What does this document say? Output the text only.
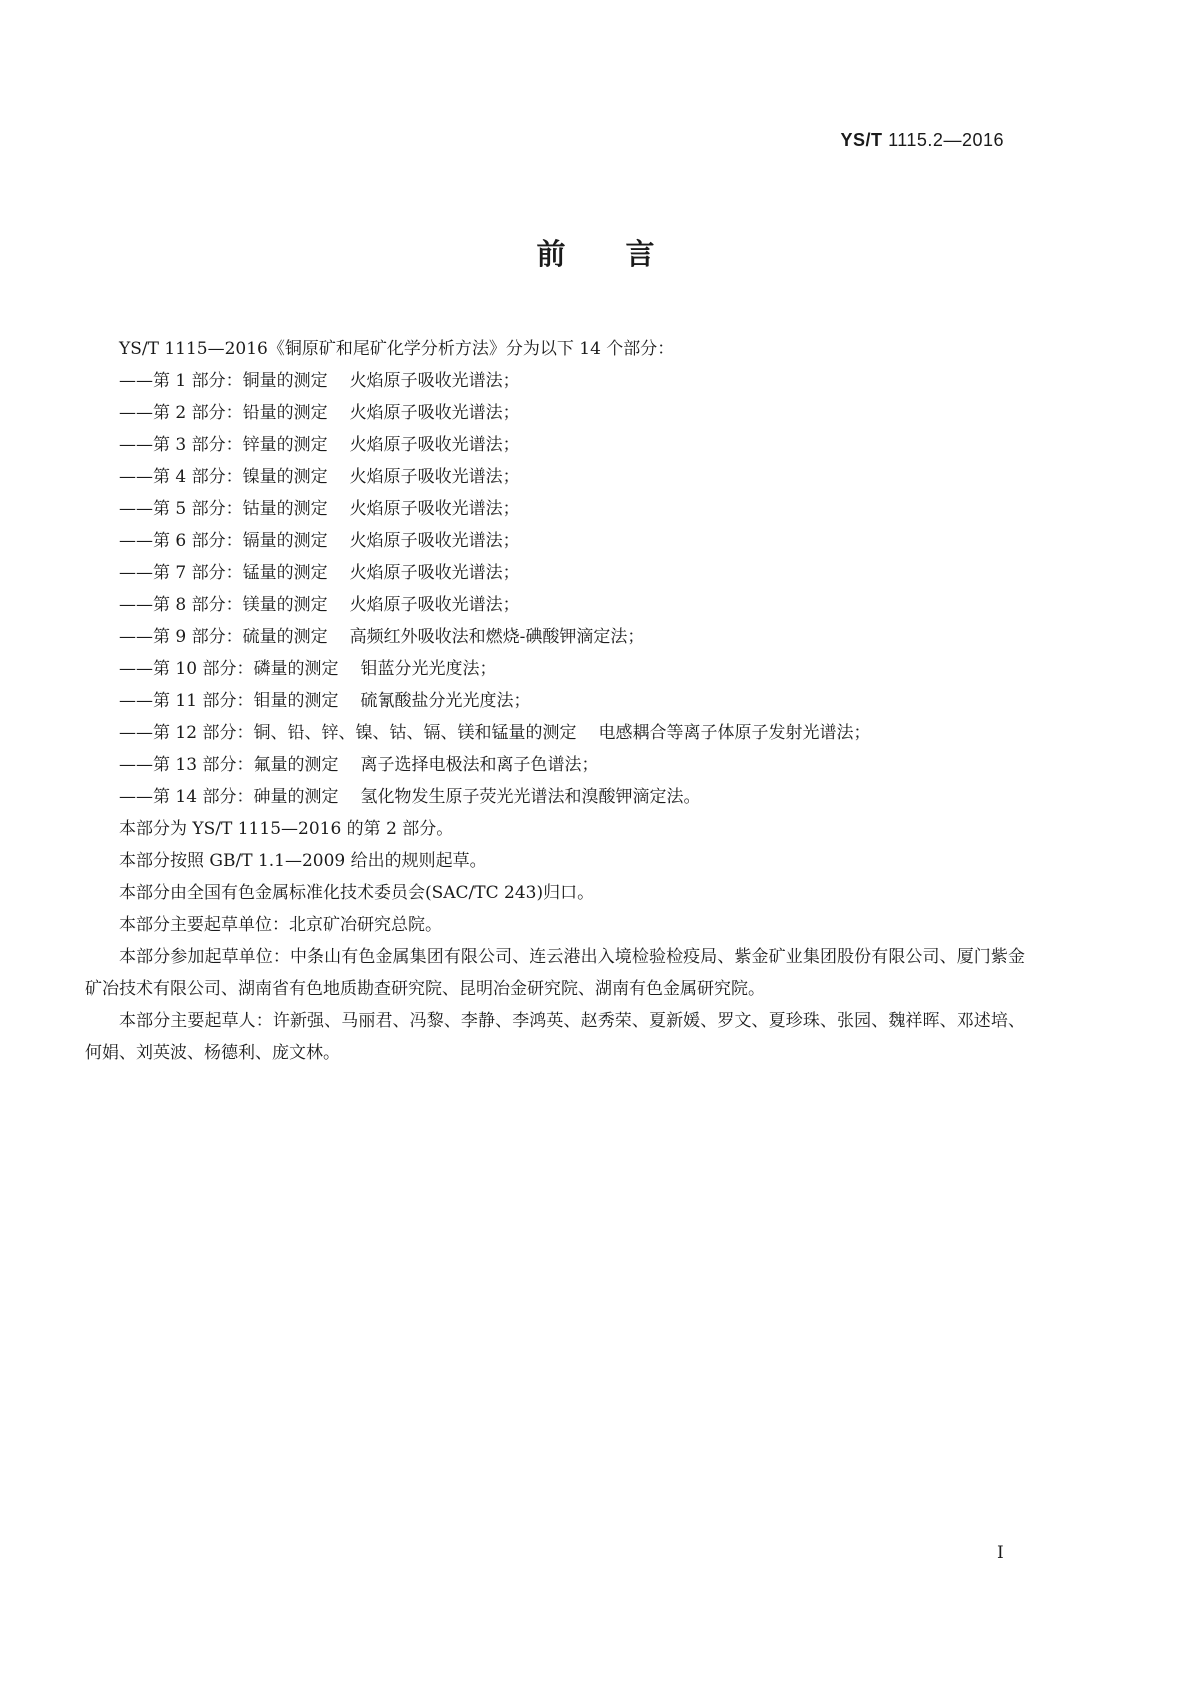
YS/T 1115.2—2016
前言
YS/T 1115—2016《铜原矿和尾矿化学分析方法》分为以下 14 个部分：
——第 1 部分：铜量的测定 火焰原子吸收光谱法；
——第 2 部分：铅量的测定 火焰原子吸收光谱法；
——第 3 部分：锌量的测定 火焰原子吸收光谱法；
——第 4 部分：镍量的测定 火焰原子吸收光谱法；
——第 5 部分：钴量的测定 火焰原子吸收光谱法；
——第 6 部分：镉量的测定 火焰原子吸收光谱法；
——第 7 部分：锰量的测定 火焰原子吸收光谱法；
——第 8 部分：镁量的测定 火焰原子吸收光谱法；
——第 9 部分：硫量的测定 高频红外吸收法和燃烧-碘酸钾滴定法；
——第 10 部分：磷量的测定 钼蓝分光光度法；
——第 11 部分：钼量的测定 硫氰酸盐分光光度法；
——第 12 部分：铜、铅、锌、镍、钴、镉、镁和锰量的测定 电感耦合等离子体原子发射光谱法；
——第 13 部分：氟量的测定 离子选择电极法和离子色谱法；
——第 14 部分：砷量的测定 氢化物发生原子荧光光谱法和溴酸钾滴定法。
本部分为 YS/T 1115—2016 的第 2 部分。
本部分按照 GB/T 1.1—2009 给出的规则起草。
本部分由全国有色金属标准化技术委员会(SAC/TC 243)归口。
本部分主要起草单位：北京矿冶研究总院。
本部分参加起草单位：中条山有色金属集团有限公司、连云港出入境检验检疫局、紫金矿业集团股份有限公司、厦门紫金矿冶技术有限公司、湖南省有色地质勘查研究院、昆明冶金研究院、湖南有色金属研究院。
本部分主要起草人：许新强、马丽君、冯黎、李静、李鸿英、赵秀荣、夏新媛、罗文、夏珍珠、张园、魏祥晖、邓述培、何娟、刘英波、杨德利、庞文林。
I
